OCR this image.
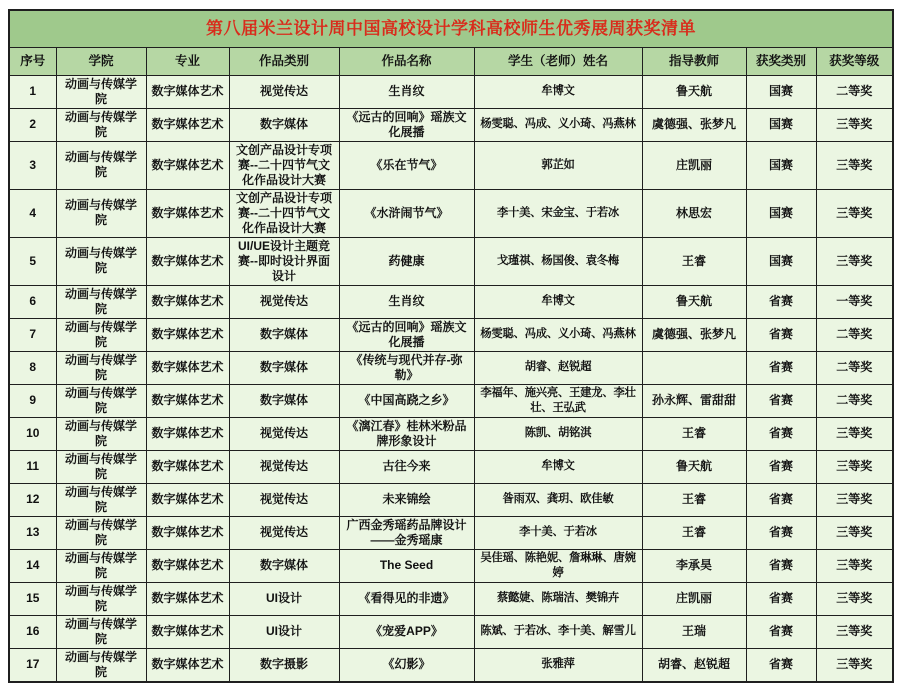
第八届米兰设计周中国高校设计学科高校师生优秀展周获奖清单								
序号	学院	专业	作品类别	作品名称	学生（老师）姓名	指导教师	获奖类别	获奖等级
1	动画与传媒学院	数字媒体艺术	视觉传达	生肖纹	牟博文	鲁天航	国赛	二等奖
2	动画与传媒学院	数字媒体艺术	数字媒体	《远古的回响》瑶族文化展播	杨雯聪、冯成、义小琦、冯燕林	虞德强、张梦凡	国赛	三等奖
3	动画与传媒学院	数字媒体艺术	文创产品设计专项赛--二十四节气文化作品设计大赛	《乐在节气》	郭芷如	庄凯丽	国赛	三等奖
4	动画与传媒学院	数字媒体艺术	文创产品设计专项赛--二十四节气文化作品设计大赛	《水浒闹节气》	李十美、宋金宝、于若冰	林思宏	国赛	三等奖
5	动画与传媒学院	数字媒体艺术	UI/UE设计主题竞赛--即时设计界面设计	药健康	戈瑾祺、杨国俊、袁冬梅	王睿	国赛	三等奖
6	动画与传媒学院	数字媒体艺术	视觉传达	生肖纹	牟博文	鲁天航	省赛	一等奖
7	动画与传媒学院	数字媒体艺术	数字媒体	《远古的回响》瑶族文化展播	杨雯聪、冯成、义小琦、冯燕林	虞德强、张梦凡	省赛	二等奖
8	动画与传媒学院	数字媒体艺术	数字媒体	《传统与现代并存-弥勒》	胡睿、赵锐超		省赛	二等奖
9	动画与传媒学院	数字媒体艺术	数字媒体	《中国高跷之乡》	李福年、施兴亮、王建龙、李壮壮、王弘武	孙永辉、雷甜甜	省赛	二等奖
10	动画与传媒学院	数字媒体艺术	视觉传达	《漓江春》桂林米粉品牌形象设计	陈凯、胡铭淇	王睿	省赛	三等奖
11	动画与传媒学院	数字媒体艺术	视觉传达	古往今来	牟博文	鲁天航	省赛	三等奖
12	动画与传媒学院	数字媒体艺术	视觉传达	未来锦绘	昝雨双、龚玥、欧佳敏	王睿	省赛	三等奖
13	动画与传媒学院	数字媒体艺术	视觉传达	广西金秀瑶药品牌设计——金秀瑶康	李十美、于若冰	王睿	省赛	三等奖
14	动画与传媒学院	数字媒体艺术	数字媒体	The Seed	吴佳瑶、陈艳妮、詹琳琳、唐婉婷	李承昊	省赛	三等奖
15	动画与传媒学院	数字媒体艺术	UI设计	《看得见的非遗》	蔡懿婕、陈瑞洁、樊锦卉	庄凯丽	省赛	三等奖
16	动画与传媒学院	数字媒体艺术	UI设计	《宠爱APP》	陈斌、于若冰、李十美、解雪儿	王瑞	省赛	三等奖
17	动画与传媒学院	数字媒体艺术	数字摄影	《幻影》	张雅萍	胡睿、赵锐超	省赛	三等奖
